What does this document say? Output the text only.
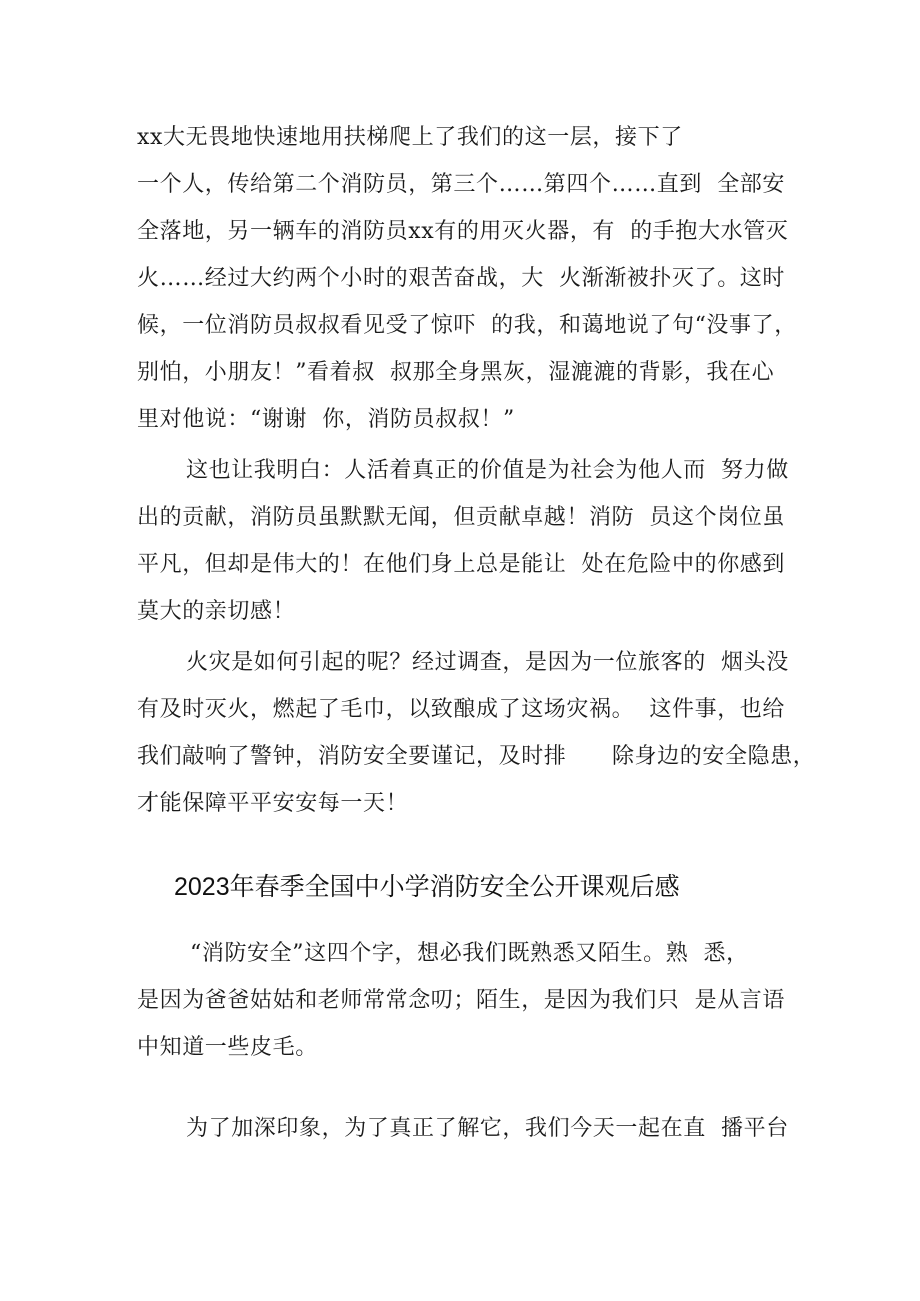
xx大无畏地快速地用扶梯爬上了我们的这一层，接下了
一个人，传给第二个消防员，第三个……第四个……直到  全部安
全落地，另一辆车的消防员xx有的用灭火器，有  的手抱大水管灭
火……经过大约两个小时的艰苦奋战，大  火渐渐被扑灭了。这时
候，一位消防员叔叔看见受了惊吓  的我，和蔼地说了句“没事了，
别怕，小朋友！”看着叔  叔那全身黑灰，湿漉漉的背影，我在心
里对他说：“谢谢  你，消防员叔叔！”
这也让我明白：人活着真正的价值是为社会为他人而  努力做
出的贡献，消防员虽默默无闻，但贡献卓越！消防  员这个岗位虽
平凡，但却是伟大的！在他们身上总是能让  处在危险中的你感到
莫大的亲切感！
火灾是如何引起的呢？经过调查，是因为一位旅客的  烟头没
有及时灭火，燃起了毛巾，以致酿成了这场灾祸。  这件事，也给
我们敲响了警钟，消防安全要谨记，及时排      除身边的安全隐患，
才能保障平平安安每一天！
2023年春季全国中小学消防安全公开课观后感
“消防安全”这四个字，想必我们既熟悉又陌生。熟  悉，
是因为爸爸姑姑和老师常常念叨；陌生，是因为我们只  是从言语
中知道一些皮毛。
为了加深印象，为了真正了解它，我们今天一起在直  播平台
